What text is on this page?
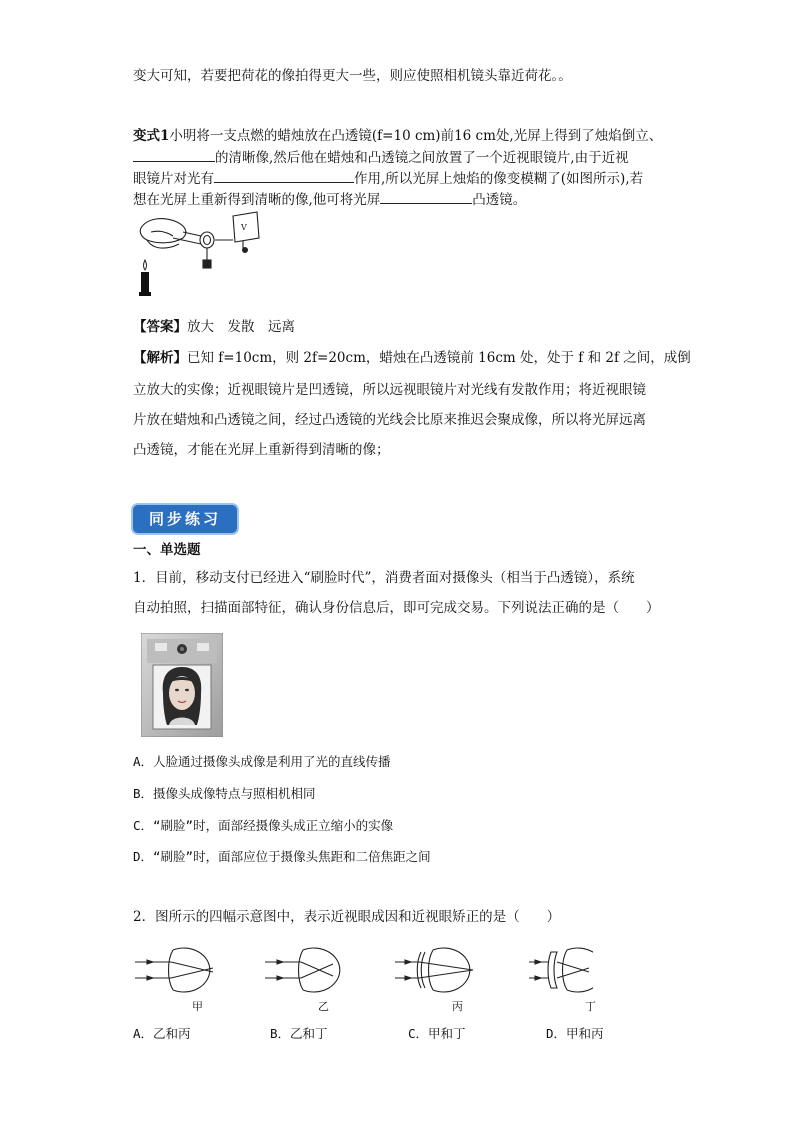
变大可知，若要把荷花的像拍得更大一些，则应使照相机镜头靠近荷花。。
变式1小明将一支点燃的蜡烛放在凸透镜(f=10 cm)前16 cm处,光屏上得到了烛焰倒立、
的清晰像,然后他在蜡烛和凸透镜之间放置了一个近视眼镜片,由于近视
眼镜片对光有	作用,所以光屏上烛焰的像变模糊了(如图所示),若
想在光屏上重新得到清晰的像,他可将光屏	凸透镜。
V
【答案】放大　发散　远离
【解析】已知 f=10cm，则 2f=20cm，蜡烛在凸透镜前 16cm 处，处于 f 和 2f 之间，成倒
立放大的实像；近视眼镜片是凹透镜，所以远视眼镜片对光线有发散作用；将近视眼镜
片放在蜡烛和凸透镜之间，经过凸透镜的光线会比原来推迟会聚成像，所以将光屏远离
凸透镜，才能在光屏上重新得到清晰的像；
同步练习
一、单选题
1．目前，移动支付已经进入“刷脸时代”，消费者面对摄像头（相当于凸透镜），系统
自动拍照，扫描面部特征，确认身份信息后，即可完成交易。下列说法正确的是（　　）
A．人脸通过摄像头成像是利用了光的直线传播
B．摄像头成像特点与照相机相同
C．“刷脸”时，面部经摄像头成正立缩小的实像
D．“刷脸”时，面部应位于摄像头焦距和二倍焦距之间
2．图所示的四幅示意图中，表示近视眼成因和近视眼矫正的是（　　）
甲	乙	丙	丁
A．乙和丙	B．乙和丁	C．甲和丁	D．甲和丙
